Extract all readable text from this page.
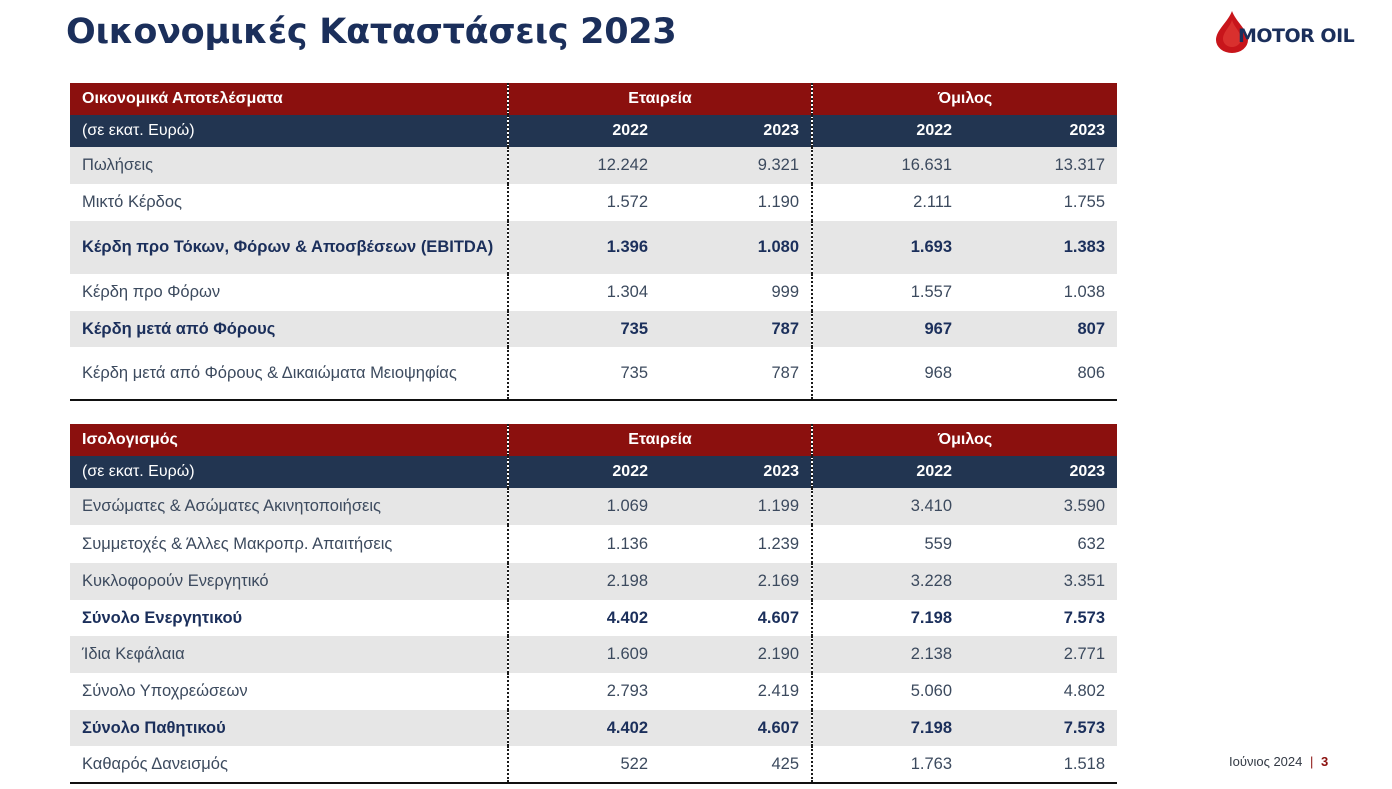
Οικονομικές Καταστάσεις 2023	MOTOR OIL
Οικονομικά Αποτελέσματα	Εταιρεία		Όμιλος	
(σε εκατ. Ευρώ)	2022	2023	2022	2023
Πωλήσεις	12.242	9.321	16.631	13.317
Μικτό Κέρδος	1.572	1.190	2.111	1.755
Κέρδη προ Τόκων, Φόρων & Αποσβέσεων (EBITDA)	1.396	1.080	1.693	1.383
Κέρδη προ Φόρων	1.304	999	1.557	1.038
Κέρδη μετά από Φόρους	735	787	967	807
Κέρδη μετά από Φόρους & Δικαιώματα Μειοψηφίας	735	787	968	806
Ισολογισμός	Εταιρεία		Όμιλος	
(σε εκατ. Ευρώ)	2022	2023	2022	2023
Ενσώματες & Ασώματες Ακινητοποιήσεις	1.069	1.199	3.410	3.590
Συμμετοχές & Άλλες Μακροπρ. Απαιτήσεις	1.136	1.239	559	632
Κυκλοφορούν Ενεργητικό	2.198	2.169	3.228	3.351
Σύνολο Ενεργητικού	4.402	4.607	7.198	7.573
Ίδια Κεφάλαια	1.609	2.190	2.138	2.771
Σύνολο Υποχρεώσεων	2.793	2.419	5.060	4.802
Σύνολο Παθητικού	4.402	4.607	7.198	7.573
Καθαρός Δανεισμός	522	425	1.763	1.518	Ιούνιος 2024 | 3
